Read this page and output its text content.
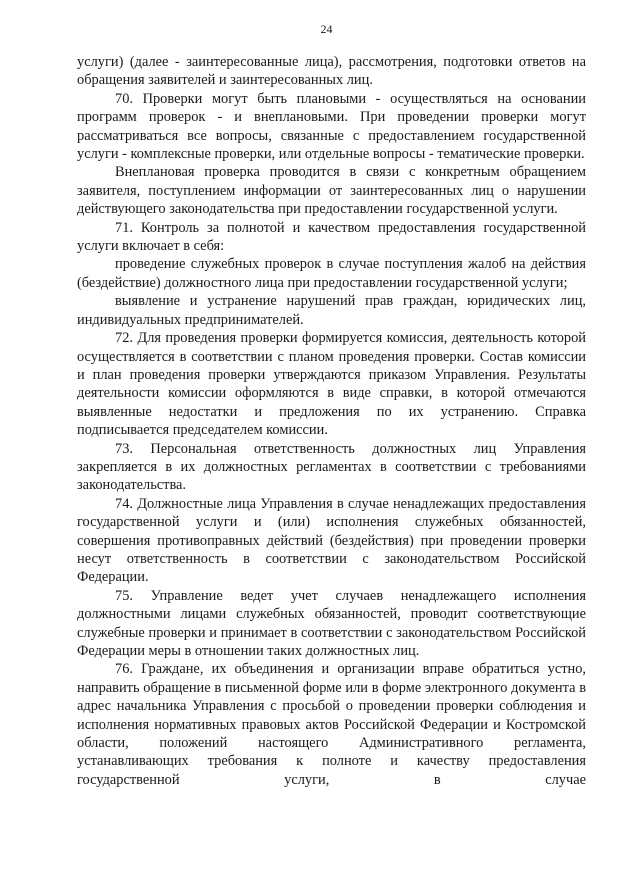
24

услуги) (далее - заинтересованные лица), рассмотрения, подготовки ответов на обращения заявителей и заинтересованных лиц.

70. Проверки могут быть плановыми - осуществляться на основании программ проверок - и внеплановыми. При проведении проверки могут рассматриваться все вопросы, связанные с предоставлением государственной услуги - комплексные проверки, или отдельные вопросы - тематические проверки.

Внеплановая проверка проводится в связи с конкретным обращением заявителя, поступлением информации от заинтересованных лиц о нарушении действующего законодательства при предоставлении государственной услуги.

71. Контроль за полнотой и качеством предоставления государственной услуги включает в себя:

проведение служебных проверок в случае поступления жалоб на действия (бездействие) должностного лица при предоставлении государственной услуги;

выявление и устранение нарушений прав граждан, юридических лиц, индивидуальных предпринимателей.

72. Для проведения проверки формируется комиссия, деятельность которой осуществляется в соответствии с планом проведения проверки. Состав комиссии и план проведения проверки утверждаются приказом Управления. Результаты деятельности комиссии оформляются в виде справки, в которой отмечаются выявленные недостатки и предложения по их устранению. Справка подписывается председателем комиссии.

73. Персональная ответственность должностных лиц Управления закрепляется в их должностных регламентах в соответствии с требованиями законодательства.

74. Должностные лица Управления в случае ненадлежащих предоставления государственной услуги и (или) исполнения служебных обязанностей, совершения противоправных действий (бездействия) при проведении проверки несут ответственность в соответствии с законодательством Российской Федерации.

75. Управление ведет учет случаев ненадлежащего исполнения должностными лицами служебных обязанностей, проводит соответствующие служебные проверки и принимает в соответствии с законодательством Российской Федерации меры в отношении таких должностных лиц.

76. Граждане, их объединения и организации вправе обратиться устно, направить обращение в письменной форме или в форме электронного документа в адрес начальника Управления с просьбой о проведении проверки соблюдения и исполнения нормативных правовых актов Российской Федерации и Костромской области, положений настоящего Административного регламента, устанавливающих требования к полноте и качеству предоставления государственной услуги, в случае
